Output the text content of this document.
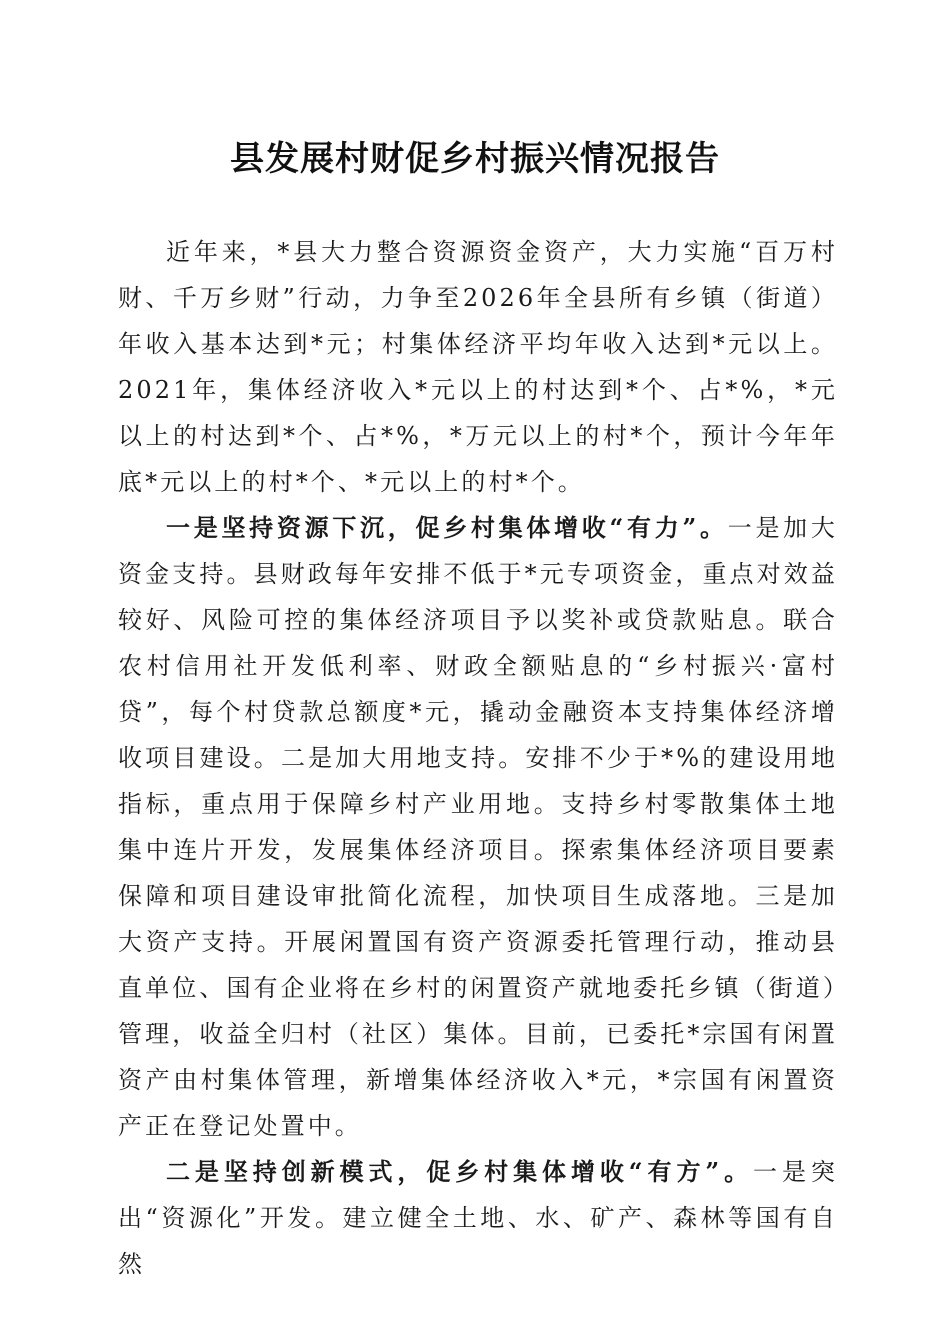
县发展村财促乡村振兴情况报告

近年来，*县大力整合资源资金资产，大力实施“百万村财、千万乡财”行动，力争至2026年全县所有乡镇（街道）年收入基本达到*元；村集体经济平均年收入达到*元以上。2021年，集体经济收入*元以上的村达到*个、占*%，*元以上的村达到*个、占*%，*万元以上的村*个，预计今年年底*元以上的村*个、*元以上的村*个。

一是坚持资源下沉，促乡村集体增收“有力”。一是加大资金支持。县财政每年安排不低于*元专项资金，重点对效益较好、风险可控的集体经济项目予以奖补或贷款贴息。联合农村信用社开发低利率、财政全额贴息的“乡村振兴·富村贷”，每个村贷款总额度*元，撬动金融资本支持集体经济增收项目建设。二是加大用地支持。安排不少于*%的建设用地指标，重点用于保障乡村产业用地。支持乡村零散集体土地集中连片开发，发展集体经济项目。探索集体经济项目要素保障和项目建设审批简化流程，加快项目生成落地。三是加大资产支持。开展闲置国有资产资源委托管理行动，推动县直单位、国有企业将在乡村的闲置资产就地委托乡镇（街道）管理，收益全归村（社区）集体。目前，已委托*宗国有闲置资产由村集体管理，新增集体经济收入*元，*宗国有闲置资产正在登记处置中。

二是坚持创新模式，促乡村集体增收“有方”。一是突出“资源化”开发。建立健全土地、水、矿产、森林等国有自然
